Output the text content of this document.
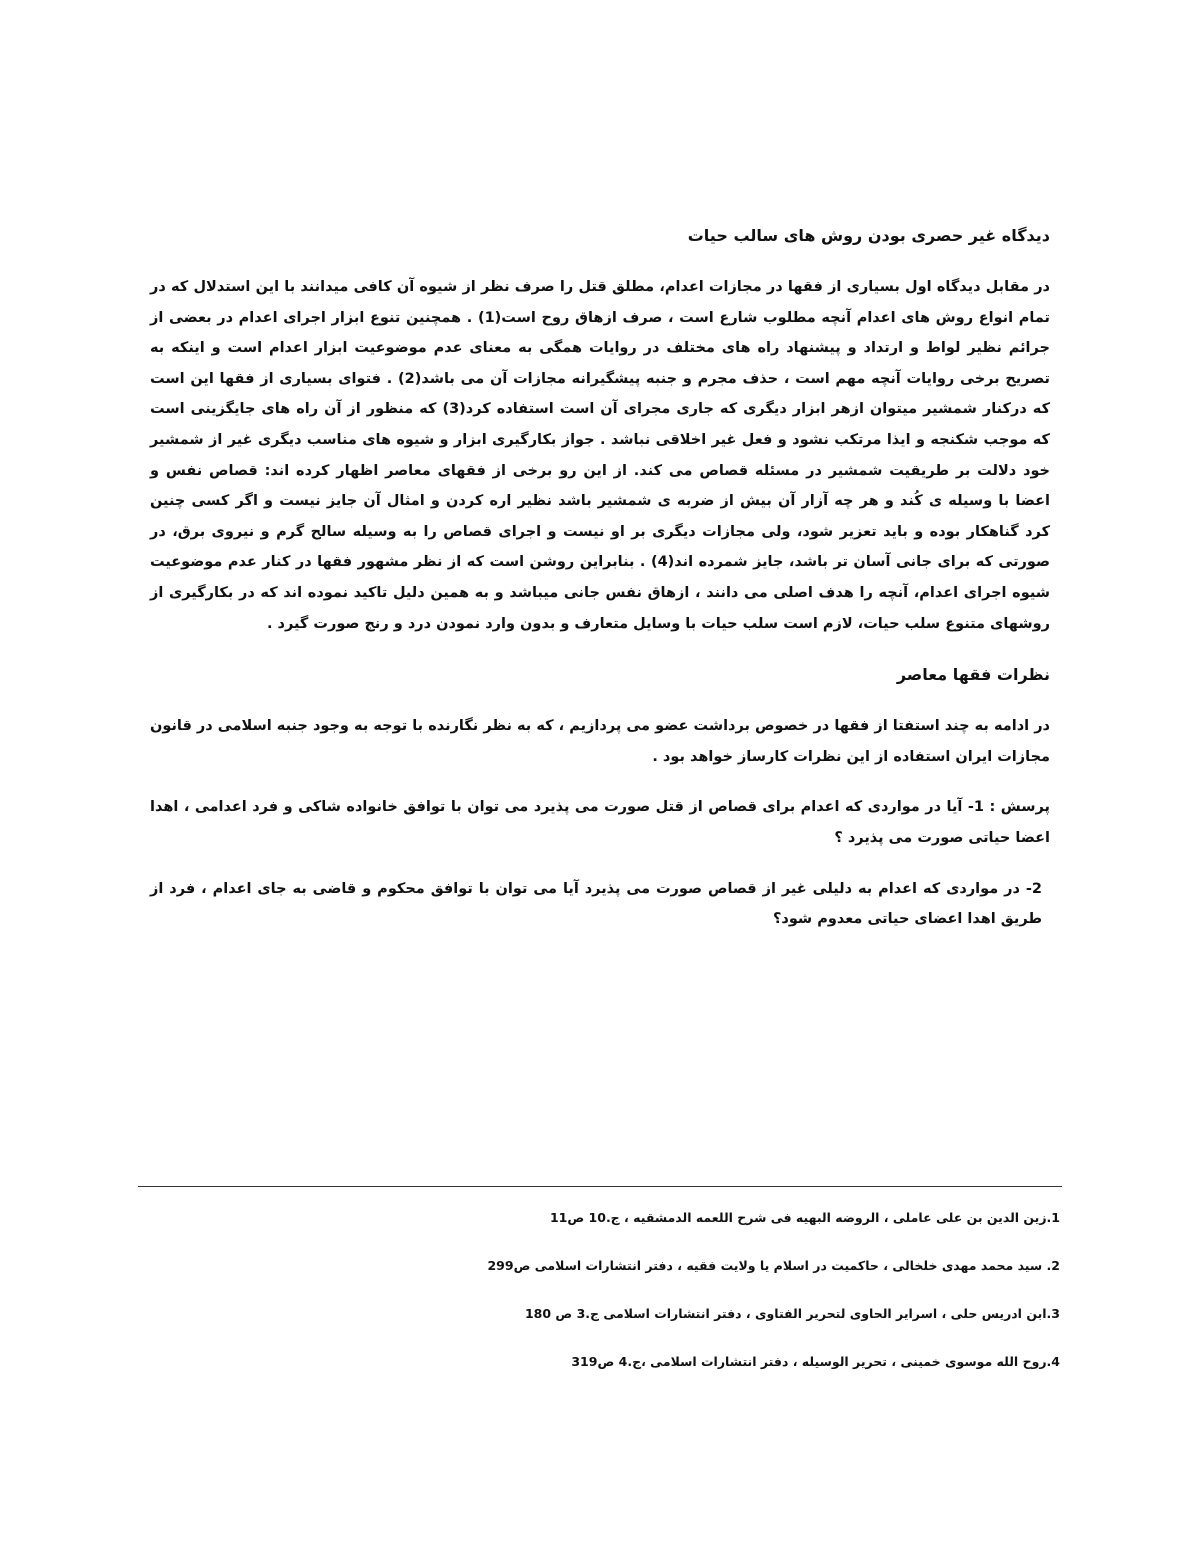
دیدگاه غیر حصری بودن روش های سالب حیات

در مقابل دیدگاه اول بسیاری از فقها در مجازات اعدام، مطلق قتل را صرف نظر از شیوه آن کافی میدانند با این استدلال که در تمام انواع روش های اعدام آنچه مطلوب شارع است ، صرف ازهاق روح است(1) . همچنین تنوع ابزار اجرای اعدام در بعضی از جرائم نظیر لواط و ارتداد و پیشنهاد راه های مختلف در روایات همگی به معنای عدم موضوعیت ابزار اعدام است و اینکه به تصریح برخی روایات آنچه مهم است ، حذف مجرم و جنبه پیشگیرانه مجازات آن می باشد(2) . فتوای بسیاری از فقها این است که درکنار شمشیر میتوان ازهر ابزار دیگری که جاری مجرای آن است استفاده کرد(3) که منظور از آن راه های جایگزینی است که موجب شکنجه و ایذا مرتکب نشود و فعل غیر اخلاقی نباشد . جواز بکارگیری ابزار و شیوه های مناسب دیگری غیر از شمشیر خود دلالت بر طریقیت شمشیر در مسئله قصاص می کند. از این رو برخی از فقهای معاصر اظهار کرده اند: قصاص نفس و اعضا با وسیله ی کُند و هر چه آزار آن بیش از ضربه ی شمشیر باشد نظیر اره کردن و امثال آن جایز نیست و اگر کسی چنین کرد گناهکار بوده و باید تعزیر شود، ولی مجازات دیگری بر او نیست و اجرای قصاص را به وسیله سالح گرم و نیروی برق، در صورتی که برای جانی آسان تر باشد، جایز شمرده اند(4) . بنابراین روشن است که از نظر مشهور فقها در کنار عدم موضوعیت شیوه اجرای اعدام، آنچه را هدف اصلی می دانند ، ازهاق نفس جانی میباشد و به همین دلیل تاکید نموده اند که در بکارگیری از روشهای متنوع سلب حیات، لازم است سلب حیات با وسایل متعارف و بدون وارد نمودن درد و رنج صورت گیرد .

نظرات فقها معاصر

در ادامه به چند استفتا از فقها در خصوص برداشت عضو می پردازیم ، که به نظر نگارنده با توجه به وجود جنبه اسلامی در قانون مجازات ایران استفاده از این نظرات کارساز خواهد بود .

پرسش : 1- آیا در مواردی که اعدام برای قصاص از قتل صورت می پذیرد می توان با توافق خانواده شاکی و فرد اعدامی ، اهدا اعضا حیاتی صورت می پذیرد ؟

2- در مواردی که اعدام به دلیلی غیر از قصاص صورت می پذیرد آیا می توان با توافق محکوم و قاضی به جای اعدام ، فرد از طریق اهدا اعضای حیاتی معدوم شود؟

1.زین الدین بن علی عاملی ، الروضه البهیه فی شرح اللعمه الدمشقیه ، ج.10 ص11

2. سید محمد مهدی خلخالی ، حاکمیت در اسلام یا ولایت فقیه ، دفتر انتشارات اسلامی ص299

3.ابن ادریس حلی ، اسرایر الحاوی لتحریر الفتاوی ، دفتر انتشارات اسلامی ج.3 ص 180

4.روح الله موسوی خمینی ، تحریر الوسیله ، دفتر انتشارات اسلامی ،ج.4 ص319
